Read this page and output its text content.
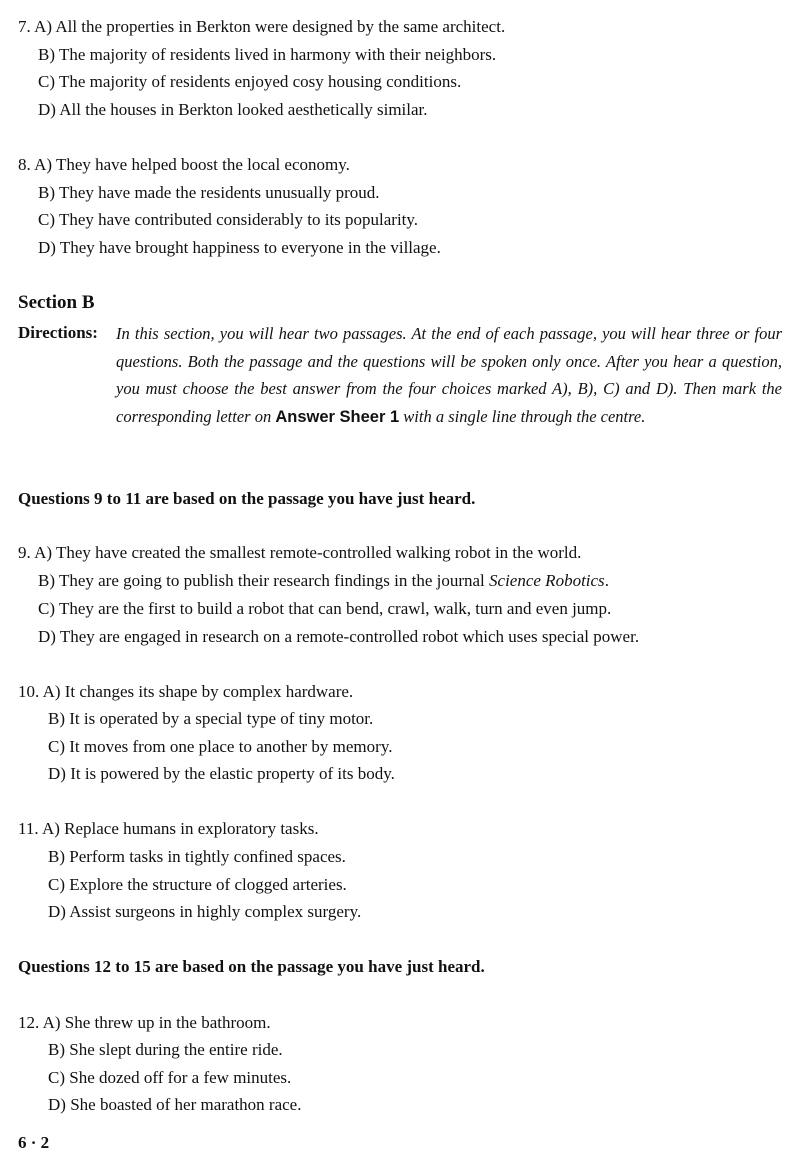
7. A) All the properties in Berkton were designed by the same architect.
B) The majority of residents lived in harmony with their neighbors.
C) The majority of residents enjoyed cosy housing conditions.
D) All the houses in Berkton looked aesthetically similar.
8. A) They have helped boost the local economy.
B) They have made the residents unusually proud.
C) They have contributed considerably to its popularity.
D) They have brought happiness to everyone in the village.
Section B
Directions: In this section, you will hear two passages. At the end of each passage, you will hear three or four questions. Both the passage and the questions will be spoken only once. After you hear a question, you must choose the best answer from the four choices marked A), B), C) and D). Then mark the corresponding letter on Answer Sheer 1 with a single line through the centre.
Questions 9 to 11 are based on the passage you have just heard.
9. A) They have created the smallest remote-controlled walking robot in the world.
B) They are going to publish their research findings in the journal Science Robotics.
C) They are the first to build a robot that can bend, crawl, walk, turn and even jump.
D) They are engaged in research on a remote-controlled robot which uses special power.
10. A) It changes its shape by complex hardware.
B) It is operated by a special type of tiny motor.
C) It moves from one place to another by memory.
D) It is powered by the elastic property of its body.
11. A) Replace humans in exploratory tasks.
B) Perform tasks in tightly confined spaces.
C) Explore the structure of clogged arteries.
D) Assist surgeons in highly complex surgery.
Questions 12 to 15 are based on the passage you have just heard.
12. A) She threw up in the bathroom.
B) She slept during the entire ride.
C) She dozed off for a few minutes.
D) She boasted of her marathon race.
6 · 2
